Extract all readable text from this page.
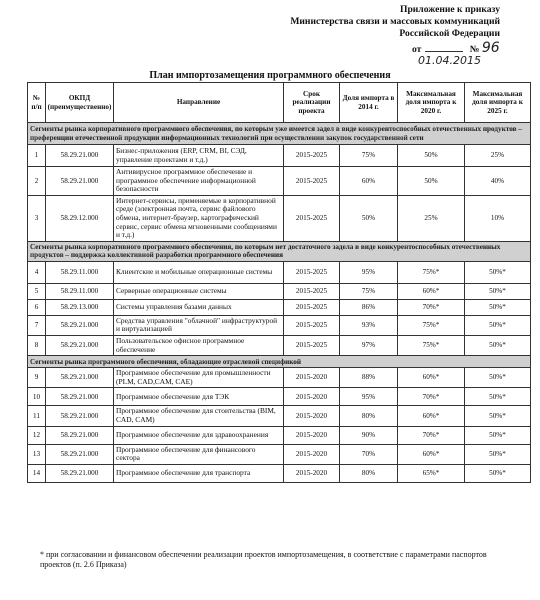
Приложение к приказу
Министерства связи и массовых коммуникаций
Российской Федерации
от	№ 96
01.04.2015
План импортозамещения программного обеспечения
№ п/п	ОКПД (преимущественно)	Направление	Срок реализации проекта	Доля импорта в 2014 г.	Максимальная доля импорта к 2020 г.	Максимальная доля импорта к 2025 г.
Сегменты рынка корпоративного программного обеспечения, по которым уже имеется задел в виде конкурентоспособных отечественных продуктов – преференции отечественной продукции информационных технологий при осуществлении закупок государственной сети						
1	58.29.21.000	Бизнес-приложения (ERP, CRM, BI, СЭД, управление проектами и т.д.)	2015-2025	75%	50%	25%
2	58.29.21.000	Антивирусное программное обеспечение и программное обеспечение информационной безопасности	2015-2025	60%	50%	40%
3	58.29.12.000	Интернет-сервисы, применяемые в корпоративной среде (электронная почта, сервис файлового обмена, интернет-браузер, картографический сервис, сервис обмена мгновенными сообщениями и т.д.)	2015-2025	50%	25%	10%
Сегменты рынка корпоративного программного обеспечения, по которым нет достаточного задела в виде конкурентоспособных отечественных продуктов – поддержка коллективной разработки программного обеспечения						
4	58.29.11.000	Клиентские и мобильные операционные системы	2015-2025	95%	75%*	50%*
5	58.29.11.000	Серверные операционные системы	2015-2025	75%	60%*	50%*
6	58.29.13.000	Системы управления базами данных	2015-2025	86%	70%*	50%*
7	58.29.21.000	Средства управления "облачной" инфраструктурой и виртуализацией	2015-2025	93%	75%*	50%*
8	58.29.21.000	Пользовательское офисное программное обеспечение	2015-2025	97%	75%*	50%*
Сегменты рынка программного обеспечения, обладающие отраслевой спецификой						
9	58.29.21.000	Программное обеспечение для промышленности (PLM, CAD,CAM, CAE)	2015-2020	88%	60%*	50%*
10	58.29.21.000	Программное обеспечение для ТЭК	2015-2020	95%	70%*	50%*
11	58.29.21.000	Программное обеспечение для стоительства (BIM, CAD, CAM)	2015-2020	80%	60%*	50%*
12	58.29.21.000	Программное обеспечение для здравоохранения	2015-2020	90%	70%*	50%*
13	58.29.21.000	Программное обеспечение для финансового сектора	2015-2020	70%	60%*	50%*
14	58.29.21.000	Программное обеспечение для транспорта	2015-2020	80%	65%*	50%*
* при согласовании и финансовом обеспечении реализации проектов импортозамещения, в соответствие с параметрами паспортов проектов (п. 2.6 Приказа)
